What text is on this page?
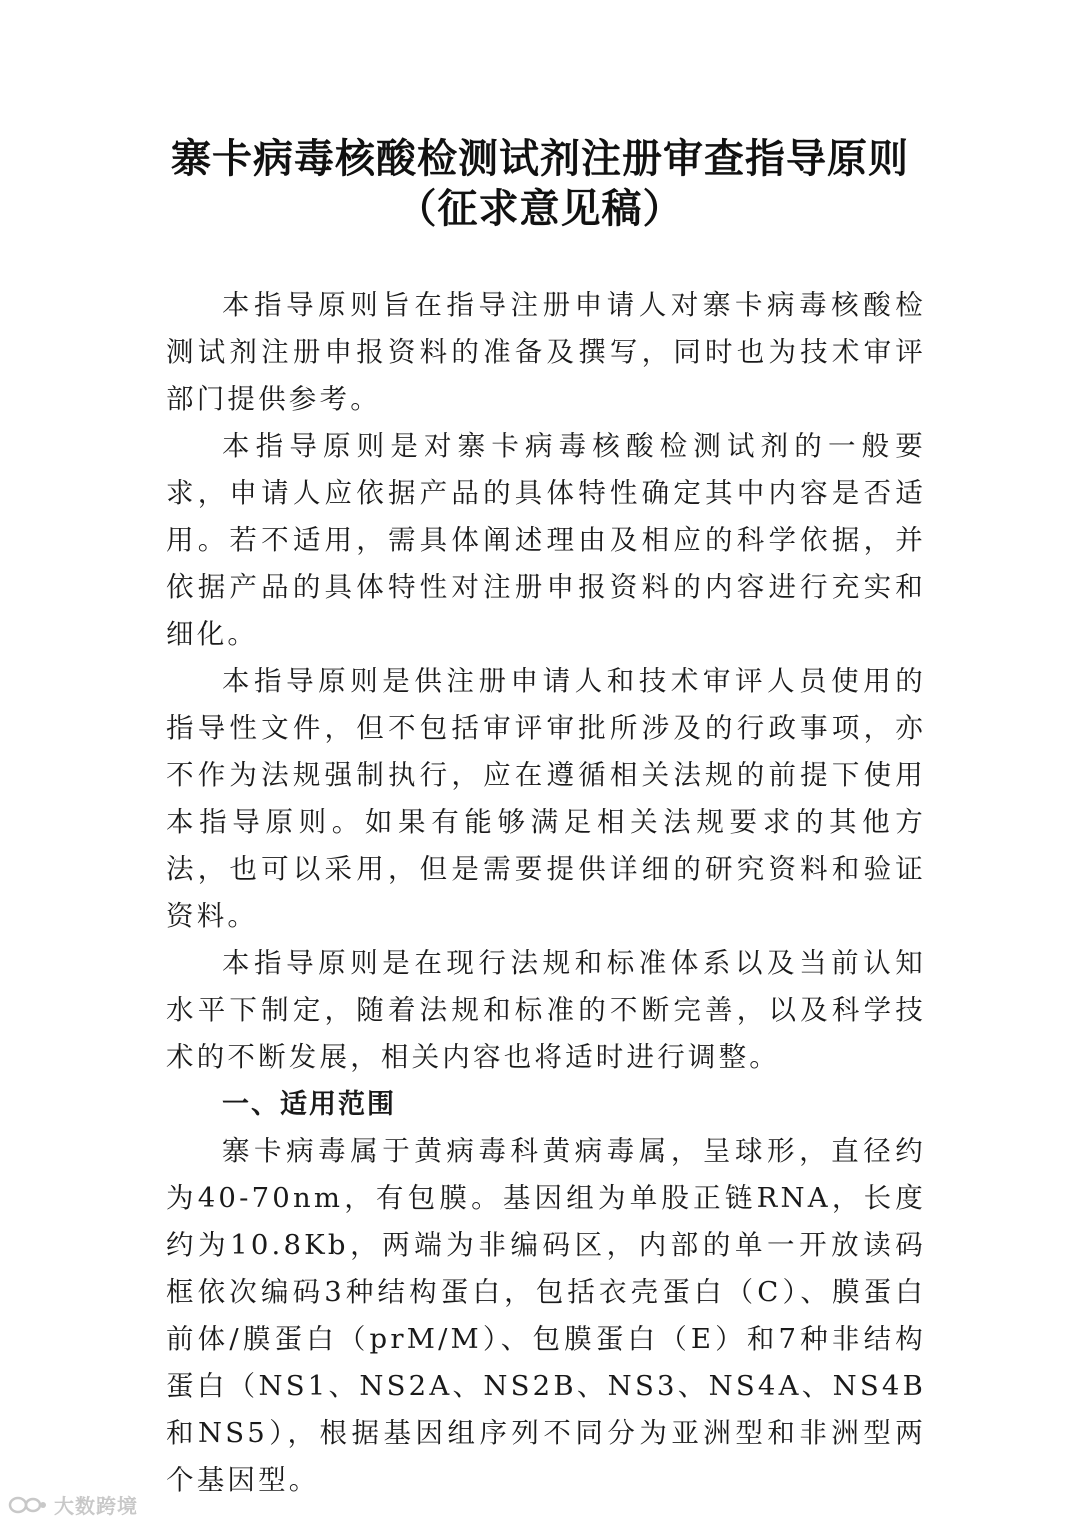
寨卡病毒核酸检测试剂注册审查指导原则
（征求意见稿）

本指导原则旨在指导注册申请人对寨卡病毒核酸检测试剂注册申报资料的准备及撰写，同时也为技术审评部门提供参考。

本指导原则是对寨卡病毒核酸检测试剂的一般要求，申请人应依据产品的具体特性确定其中内容是否适用。若不适用，需具体阐述理由及相应的科学依据，并依据产品的具体特性对注册申报资料的内容进行充实和细化。

本指导原则是供注册申请人和技术审评人员使用的指导性文件，但不包括审评审批所涉及的行政事项，亦不作为法规强制执行，应在遵循相关法规的前提下使用本指导原则。如果有能够满足相关法规要求的其他方法，也可以采用，但是需要提供详细的研究资料和验证资料。

本指导原则是在现行法规和标准体系以及当前认知水平下制定，随着法规和标准的不断完善，以及科学技术的不断发展，相关内容也将适时进行调整。

一、适用范围

寨卡病毒属于黄病毒科黄病毒属，呈球形，直径约为40-70nm，有包膜。基因组为单股正链RNA，长度约为10.8Kb，两端为非编码区，内部的单一开放读码框依次编码3种结构蛋白，包括衣壳蛋白（C）、膜蛋白前体/膜蛋白（prM/M）、包膜蛋白（E）和7种非结构蛋白（NS1、NS2A、NS2B、NS3、NS4A、NS4B和NS5），根据基因组序列不同分为亚洲型和非洲型两个基因型。

大数跨境
